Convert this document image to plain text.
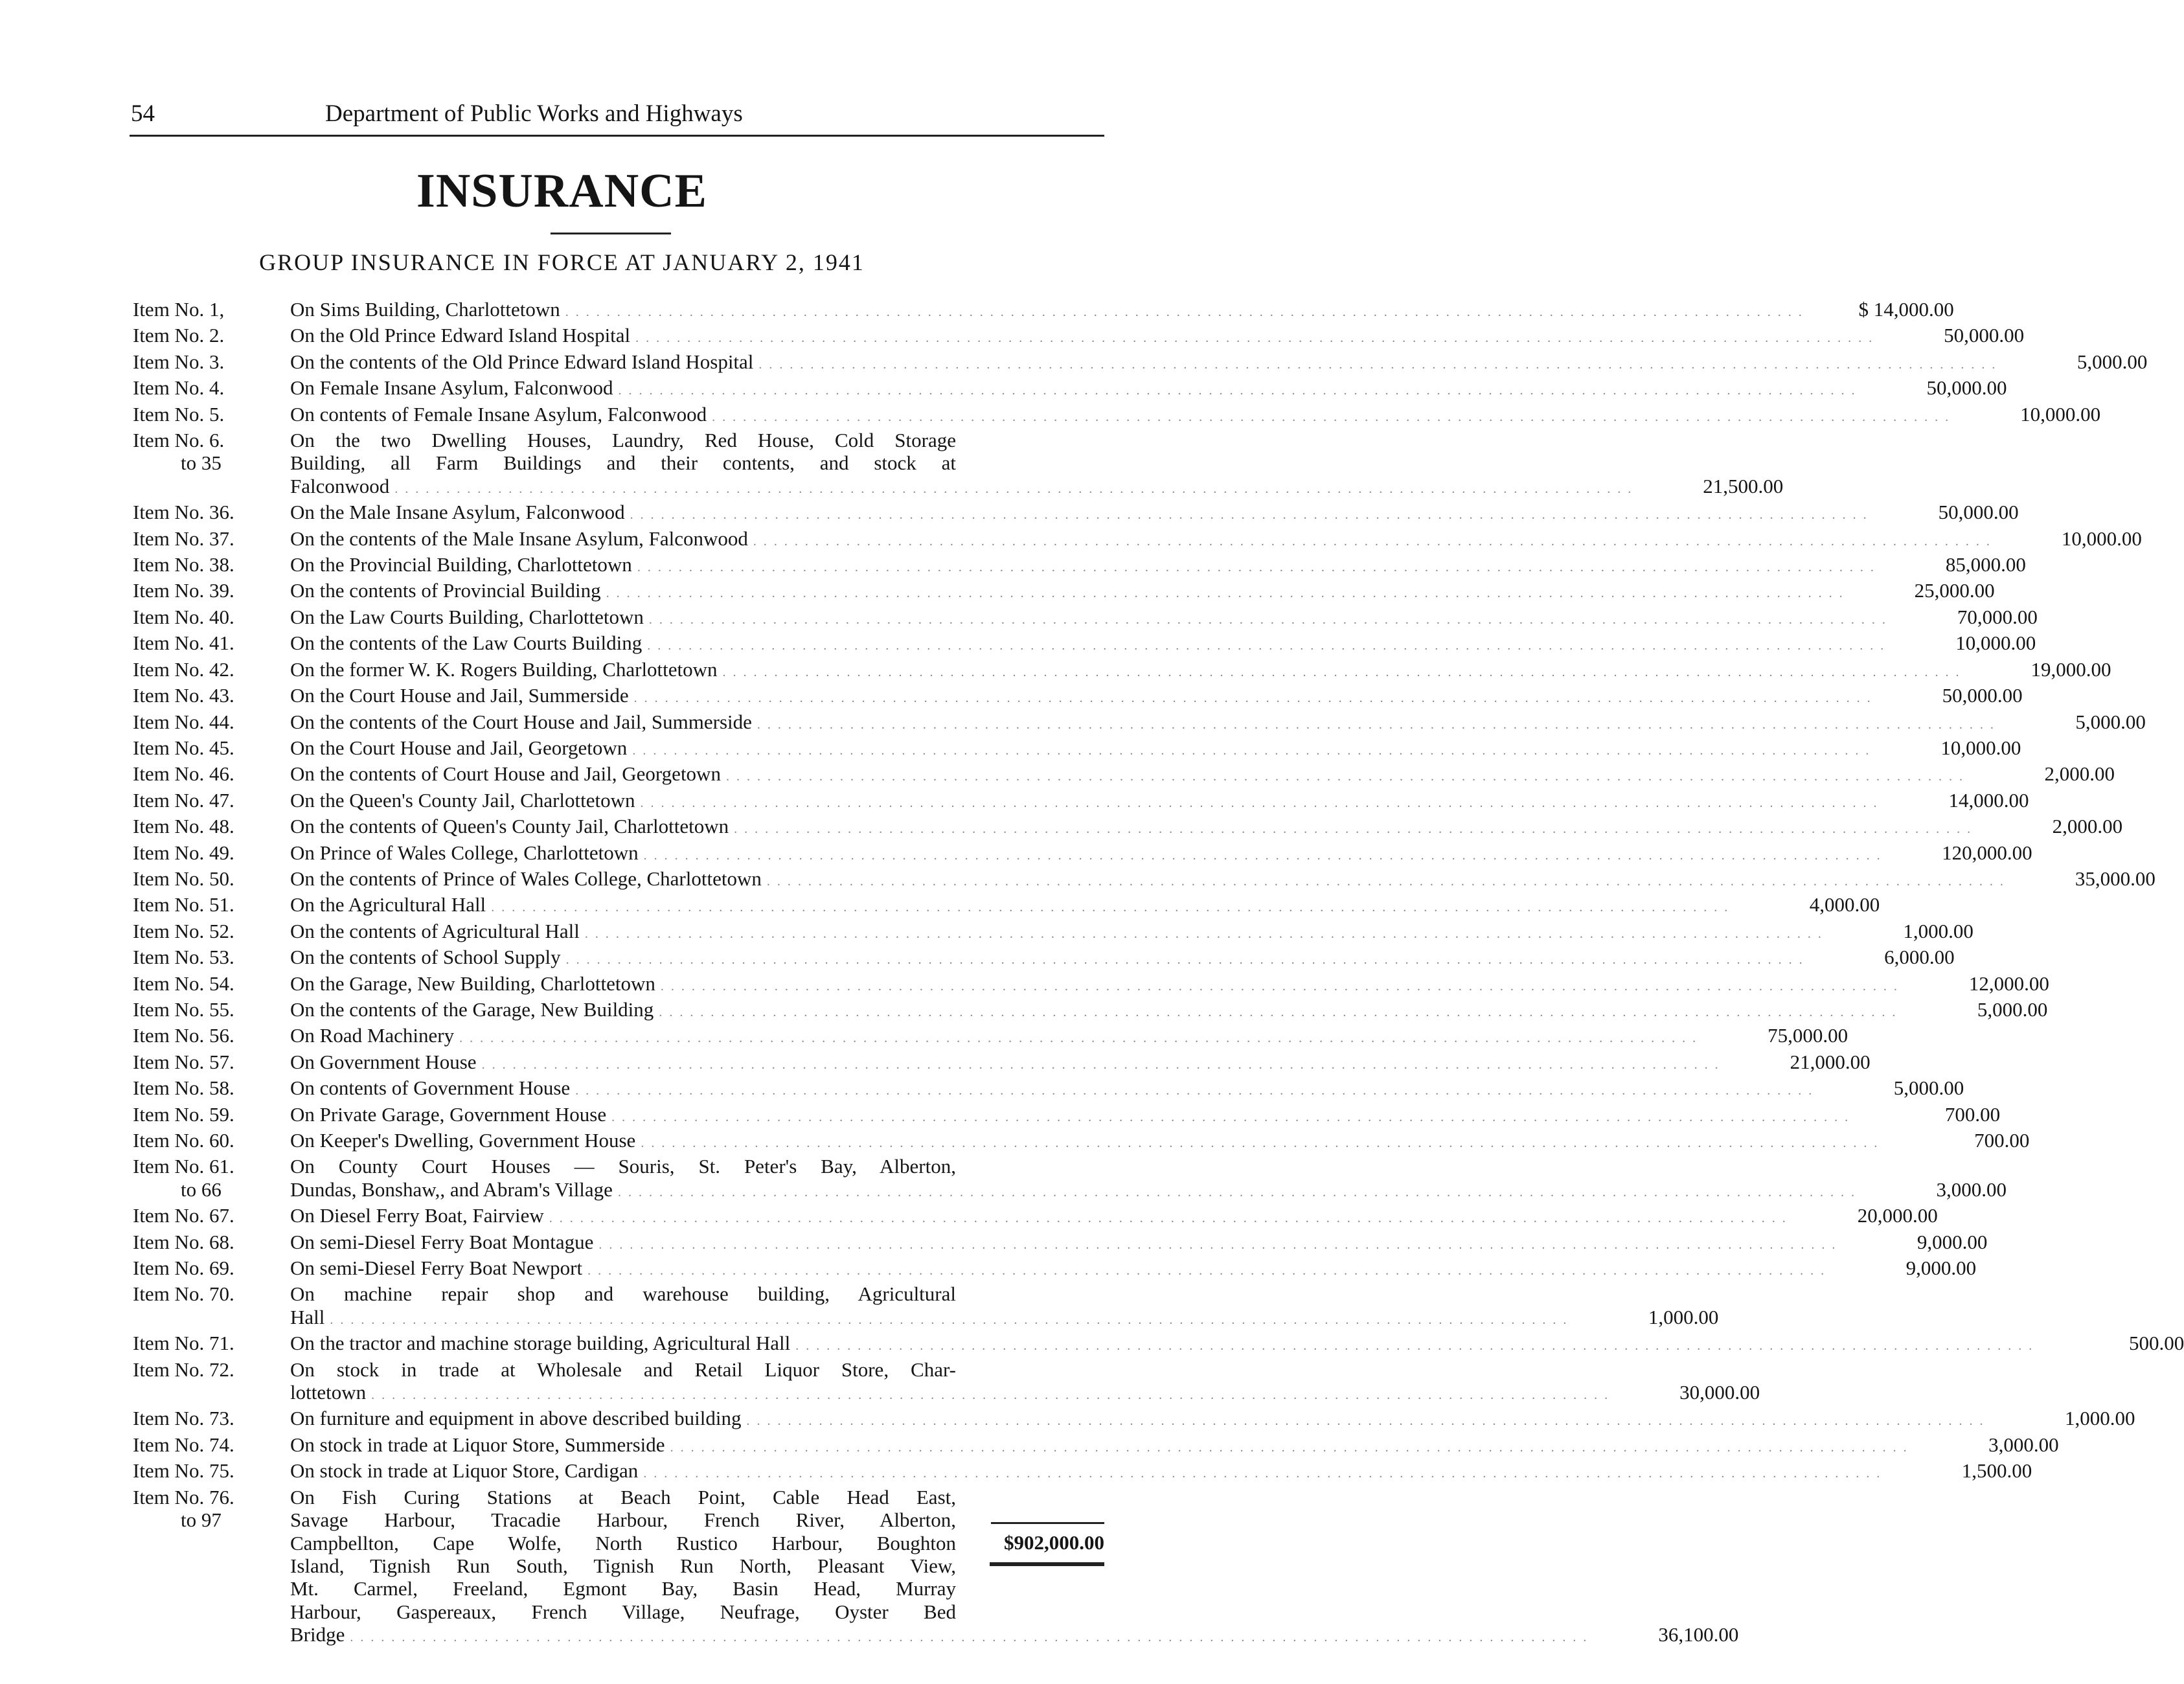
54	Department of Public Works and Highways
INSURANCE
GROUP INSURANCE IN FORCE AT JANUARY 2, 1941
Item No. 1,	On Sims Building, Charlottetown . . . . . . . . . . . . . . . . . . . . . . . . . . . . . . . . . . . . . . . . . . . . . . . . . . . . . . . . . . . . . . . . . . . . . . . . . . . . . . . . . . . . . . . . . . . . . . . . . . . . . . . . . . . . . . . . . . . . . . . .	$ 14,000.00
Item No. 2.	On the Old Prince Edward Island Hospital . . . . . . . . . . . . . . . . . . . . . . . . . . . . . . . . . . . . . . . . . . . . . . . . . . . . . . . . . . . . . . . . . . . . . . . . . . . . . . . . . . . . . . . . . . . . . . . . . . . . . . . . . . . . . . . . . . . . . . . .	50,000.00
Item No. 3.	On the contents of the Old Prince Edward Island Hospital . . . . . . . . . . . . . . . . . . . . . . . . . . . . . . . . . . . . . . . . . . . . . . . . . . . . . . . . . . . . . . . . . . . . . . . . . . . . . . . . . . . . . . . . . . . . . . . . . . . . . . . . . . . . . . . . . . . . . . . .	5,000.00
Item No. 4.	On Female Insane Asylum, Falconwood . . . . . . . . . . . . . . . . . . . . . . . . . . . . . . . . . . . . . . . . . . . . . . . . . . . . . . . . . . . . . . . . . . . . . . . . . . . . . . . . . . . . . . . . . . . . . . . . . . . . . . . . . . . . . . . . . . . . . . . .	50,000.00
Item No. 5.	On contents of Female Insane Asylum, Falconwood . . . . . . . . . . . . . . . . . . . . . . . . . . . . . . . . . . . . . . . . . . . . . . . . . . . . . . . . . . . . . . . . . . . . . . . . . . . . . . . . . . . . . . . . . . . . . . . . . . . . . . . . . . . . . . . . . . . . . . . .	10,000.00
Item No. 6.
to 35
On the two Dwelling Houses, Laundry, Red House, Cold Storage
Building, all Farm Buildings and their contents, and stock at
Falconwood . . . . . . . . . . . . . . . . . . . . . . . . . . . . . . . . . . . . . . . . . . . . . . . . . . . . . . . . . . . . . . . . . . . . . . . . . . . . . . . . . . . . . . . . . . . . . . . . . . . . . . . . . . . . . . . . . . . . . . . .	21,500.00
Item No. 36.	On the Male Insane Asylum, Falconwood . . . . . . . . . . . . . . . . . . . . . . . . . . . . . . . . . . . . . . . . . . . . . . . . . . . . . . . . . . . . . . . . . . . . . . . . . . . . . . . . . . . . . . . . . . . . . . . . . . . . . . . . . . . . . . . . . . . . . . . .	50,000.00
Item No. 37.	On the contents of the Male Insane Asylum, Falconwood . . . . . . . . . . . . . . . . . . . . . . . . . . . . . . . . . . . . . . . . . . . . . . . . . . . . . . . . . . . . . . . . . . . . . . . . . . . . . . . . . . . . . . . . . . . . . . . . . . . . . . . . . . . . . . . . . . . . . . . .	10,000.00
Item No. 38.	On the Provincial Building, Charlottetown . . . . . . . . . . . . . . . . . . . . . . . . . . . . . . . . . . . . . . . . . . . . . . . . . . . . . . . . . . . . . . . . . . . . . . . . . . . . . . . . . . . . . . . . . . . . . . . . . . . . . . . . . . . . . . . . . . . . . . . .	85,000.00
Item No. 39.	On the contents of Provincial Building . . . . . . . . . . . . . . . . . . . . . . . . . . . . . . . . . . . . . . . . . . . . . . . . . . . . . . . . . . . . . . . . . . . . . . . . . . . . . . . . . . . . . . . . . . . . . . . . . . . . . . . . . . . . . . . . . . . . . . . .	25,000.00
Item No. 40.	On the Law Courts Building, Charlottetown . . . . . . . . . . . . . . . . . . . . . . . . . . . . . . . . . . . . . . . . . . . . . . . . . . . . . . . . . . . . . . . . . . . . . . . . . . . . . . . . . . . . . . . . . . . . . . . . . . . . . . . . . . . . . . . . . . . . . . . .	70,000.00
Item No. 41.	On the contents of the Law Courts Building . . . . . . . . . . . . . . . . . . . . . . . . . . . . . . . . . . . . . . . . . . . . . . . . . . . . . . . . . . . . . . . . . . . . . . . . . . . . . . . . . . . . . . . . . . . . . . . . . . . . . . . . . . . . . . . . . . . . . . . .	10,000.00
Item No. 42.	On the former W. K. Rogers Building, Charlottetown . . . . . . . . . . . . . . . . . . . . . . . . . . . . . . . . . . . . . . . . . . . . . . . . . . . . . . . . . . . . . . . . . . . . . . . . . . . . . . . . . . . . . . . . . . . . . . . . . . . . . . . . . . . . . . . . . . . . . . . .	19,000.00
Item No. 43.	On the Court House and Jail, Summerside . . . . . . . . . . . . . . . . . . . . . . . . . . . . . . . . . . . . . . . . . . . . . . . . . . . . . . . . . . . . . . . . . . . . . . . . . . . . . . . . . . . . . . . . . . . . . . . . . . . . . . . . . . . . . . . . . . . . . . . .	50,000.00
Item No. 44.	On the contents of the Court House and Jail, Summerside . . . . . . . . . . . . . . . . . . . . . . . . . . . . . . . . . . . . . . . . . . . . . . . . . . . . . . . . . . . . . . . . . . . . . . . . . . . . . . . . . . . . . . . . . . . . . . . . . . . . . . . . . . . . . . . . . . . . . . . .	5,000.00
Item No. 45.	On the Court House and Jail, Georgetown . . . . . . . . . . . . . . . . . . . . . . . . . . . . . . . . . . . . . . . . . . . . . . . . . . . . . . . . . . . . . . . . . . . . . . . . . . . . . . . . . . . . . . . . . . . . . . . . . . . . . . . . . . . . . . . . . . . . . . . .	10,000.00
Item No. 46.	On the contents of Court House and Jail, Georgetown . . . . . . . . . . . . . . . . . . . . . . . . . . . . . . . . . . . . . . . . . . . . . . . . . . . . . . . . . . . . . . . . . . . . . . . . . . . . . . . . . . . . . . . . . . . . . . . . . . . . . . . . . . . . . . . . . . . . . . . .	2,000.00
Item No. 47.	On the Queen's County Jail, Charlottetown . . . . . . . . . . . . . . . . . . . . . . . . . . . . . . . . . . . . . . . . . . . . . . . . . . . . . . . . . . . . . . . . . . . . . . . . . . . . . . . . . . . . . . . . . . . . . . . . . . . . . . . . . . . . . . . . . . . . . . . .	14,000.00
Item No. 48.	On the contents of Queen's County Jail, Charlottetown . . . . . . . . . . . . . . . . . . . . . . . . . . . . . . . . . . . . . . . . . . . . . . . . . . . . . . . . . . . . . . . . . . . . . . . . . . . . . . . . . . . . . . . . . . . . . . . . . . . . . . . . . . . . . . . . . . . . . . . .	2,000.00
Item No. 49.	On Prince of Wales College, Charlottetown . . . . . . . . . . . . . . . . . . . . . . . . . . . . . . . . . . . . . . . . . . . . . . . . . . . . . . . . . . . . . . . . . . . . . . . . . . . . . . . . . . . . . . . . . . . . . . . . . . . . . . . . . . . . . . . . . . . . . . . .	120,000.00
Item No. 50.	On the contents of Prince of Wales College, Charlottetown . . . . . . . . . . . . . . . . . . . . . . . . . . . . . . . . . . . . . . . . . . . . . . . . . . . . . . . . . . . . . . . . . . . . . . . . . . . . . . . . . . . . . . . . . . . . . . . . . . . . . . . . . . . . . . . . . . . . . . . .	35,000.00
Item No. 51.	On the Agricultural Hall . . . . . . . . . . . . . . . . . . . . . . . . . . . . . . . . . . . . . . . . . . . . . . . . . . . . . . . . . . . . . . . . . . . . . . . . . . . . . . . . . . . . . . . . . . . . . . . . . . . . . . . . . . . . . . . . . . . . . . . .	4,000.00
Item No. 52.	On the contents of Agricultural Hall . . . . . . . . . . . . . . . . . . . . . . . . . . . . . . . . . . . . . . . . . . . . . . . . . . . . . . . . . . . . . . . . . . . . . . . . . . . . . . . . . . . . . . . . . . . . . . . . . . . . . . . . . . . . . . . . . . . . . . . .	1,000.00
Item No. 53.	On the contents of School Supply . . . . . . . . . . . . . . . . . . . . . . . . . . . . . . . . . . . . . . . . . . . . . . . . . . . . . . . . . . . . . . . . . . . . . . . . . . . . . . . . . . . . . . . . . . . . . . . . . . . . . . . . . . . . . . . . . . . . . . . .	6,000.00
Item No. 54.	On the Garage, New Building, Charlottetown . . . . . . . . . . . . . . . . . . . . . . . . . . . . . . . . . . . . . . . . . . . . . . . . . . . . . . . . . . . . . . . . . . . . . . . . . . . . . . . . . . . . . . . . . . . . . . . . . . . . . . . . . . . . . . . . . . . . . . . .	12,000.00
Item No. 55.	On the contents of the Garage, New Building . . . . . . . . . . . . . . . . . . . . . . . . . . . . . . . . . . . . . . . . . . . . . . . . . . . . . . . . . . . . . . . . . . . . . . . . . . . . . . . . . . . . . . . . . . . . . . . . . . . . . . . . . . . . . . . . . . . . . . . .	5,000.00
Item No. 56.	On Road Machinery . . . . . . . . . . . . . . . . . . . . . . . . . . . . . . . . . . . . . . . . . . . . . . . . . . . . . . . . . . . . . . . . . . . . . . . . . . . . . . . . . . . . . . . . . . . . . . . . . . . . . . . . . . . . . . . . . . . . . . . .	75,000.00
Item No. 57.	On Government House . . . . . . . . . . . . . . . . . . . . . . . . . . . . . . . . . . . . . . . . . . . . . . . . . . . . . . . . . . . . . . . . . . . . . . . . . . . . . . . . . . . . . . . . . . . . . . . . . . . . . . . . . . . . . . . . . . . . . . . .	21,000.00
Item No. 58.	On contents of Government House . . . . . . . . . . . . . . . . . . . . . . . . . . . . . . . . . . . . . . . . . . . . . . . . . . . . . . . . . . . . . . . . . . . . . . . . . . . . . . . . . . . . . . . . . . . . . . . . . . . . . . . . . . . . . . . . . . . . . . . .	5,000.00
Item No. 59.	On Private Garage, Government House . . . . . . . . . . . . . . . . . . . . . . . . . . . . . . . . . . . . . . . . . . . . . . . . . . . . . . . . . . . . . . . . . . . . . . . . . . . . . . . . . . . . . . . . . . . . . . . . . . . . . . . . . . . . . . . . . . . . . . . .	700.00
Item No. 60.	On Keeper's Dwelling, Government House . . . . . . . . . . . . . . . . . . . . . . . . . . . . . . . . . . . . . . . . . . . . . . . . . . . . . . . . . . . . . . . . . . . . . . . . . . . . . . . . . . . . . . . . . . . . . . . . . . . . . . . . . . . . . . . . . . . . . . . .	700.00
Item No. 61.
to 66
On County Court Houses — Souris, St. Peter's Bay, Alberton,
Dundas, Bonshaw,, and Abram's Village . . . . . . . . . . . . . . . . . . . . . . . . . . . . . . . . . . . . . . . . . . . . . . . . . . . . . . . . . . . . . . . . . . . . . . . . . . . . . . . . . . . . . . . . . . . . . . . . . . . . . . . . . . . . . . . . . . . . . . . .	3,000.00
Item No. 67.	On Diesel Ferry Boat, Fairview . . . . . . . . . . . . . . . . . . . . . . . . . . . . . . . . . . . . . . . . . . . . . . . . . . . . . . . . . . . . . . . . . . . . . . . . . . . . . . . . . . . . . . . . . . . . . . . . . . . . . . . . . . . . . . . . . . . . . . . .	20,000.00
Item No. 68.	On semi-Diesel Ferry Boat Montague . . . . . . . . . . . . . . . . . . . . . . . . . . . . . . . . . . . . . . . . . . . . . . . . . . . . . . . . . . . . . . . . . . . . . . . . . . . . . . . . . . . . . . . . . . . . . . . . . . . . . . . . . . . . . . . . . . . . . . . .	9,000.00
Item No. 69.	On semi-Diesel Ferry Boat Newport . . . . . . . . . . . . . . . . . . . . . . . . . . . . . . . . . . . . . . . . . . . . . . . . . . . . . . . . . . . . . . . . . . . . . . . . . . . . . . . . . . . . . . . . . . . . . . . . . . . . . . . . . . . . . . . . . . . . . . . .	9,000.00
Item No. 70.	On machine repair shop and warehouse building, Agricultural
Hall . . . . . . . . . . . . . . . . . . . . . . . . . . . . . . . . . . . . . . . . . . . . . . . . . . . . . . . . . . . . . . . . . . . . . . . . . . . . . . . . . . . . . . . . . . . . . . . . . . . . . . . . . . . . . . . . . . . . . . . .	1,000.00
Item No. 71.	On the tractor and machine storage building, Agricultural Hall . . . . . . . . . . . . . . . . . . . . . . . . . . . . . . . . . . . . . . . . . . . . . . . . . . . . . . . . . . . . . . . . . . . . . . . . . . . . . . . . . . . . . . . . . . . . . . . . . . . . . . . . . . . . . . . . . . . . . . . .	500.00
Item No. 72.	On stock in trade at Wholesale and Retail Liquor Store, Char-
lottetown . . . . . . . . . . . . . . . . . . . . . . . . . . . . . . . . . . . . . . . . . . . . . . . . . . . . . . . . . . . . . . . . . . . . . . . . . . . . . . . . . . . . . . . . . . . . . . . . . . . . . . . . . . . . . . . . . . . . . . . .	30,000.00
Item No. 73.	On furniture and equipment in above described building . . . . . . . . . . . . . . . . . . . . . . . . . . . . . . . . . . . . . . . . . . . . . . . . . . . . . . . . . . . . . . . . . . . . . . . . . . . . . . . . . . . . . . . . . . . . . . . . . . . . . . . . . . . . . . . . . . . . . . . .	1,000.00
Item No. 74.	On stock in trade at Liquor Store, Summerside . . . . . . . . . . . . . . . . . . . . . . . . . . . . . . . . . . . . . . . . . . . . . . . . . . . . . . . . . . . . . . . . . . . . . . . . . . . . . . . . . . . . . . . . . . . . . . . . . . . . . . . . . . . . . . . . . . . . . . . .	3,000.00
Item No. 75.	On stock in trade at Liquor Store, Cardigan . . . . . . . . . . . . . . . . . . . . . . . . . . . . . . . . . . . . . . . . . . . . . . . . . . . . . . . . . . . . . . . . . . . . . . . . . . . . . . . . . . . . . . . . . . . . . . . . . . . . . . . . . . . . . . . . . . . . . . . .	1,500.00
Item No. 76.
to 97
On Fish Curing Stations at Beach Point, Cable Head East,
Savage Harbour, Tracadie Harbour, French River, Alberton,
Campbellton, Cape Wolfe, North Rustico Harbour, Boughton
Island, Tignish Run South, Tignish Run North, Pleasant View,
Mt. Carmel, Freeland, Egmont Bay, Basin Head, Murray
Harbour, Gaspereaux, French Village, Neufrage, Oyster Bed
Bridge . . . . . . . . . . . . . . . . . . . . . . . . . . . . . . . . . . . . . . . . . . . . . . . . . . . . . . . . . . . . . . . . . . . . . . . . . . . . . . . . . . . . . . . . . . . . . . . . . . . . . . . . . . . . . . . . . . . . . . . .	36,100.00
$902,000.00
